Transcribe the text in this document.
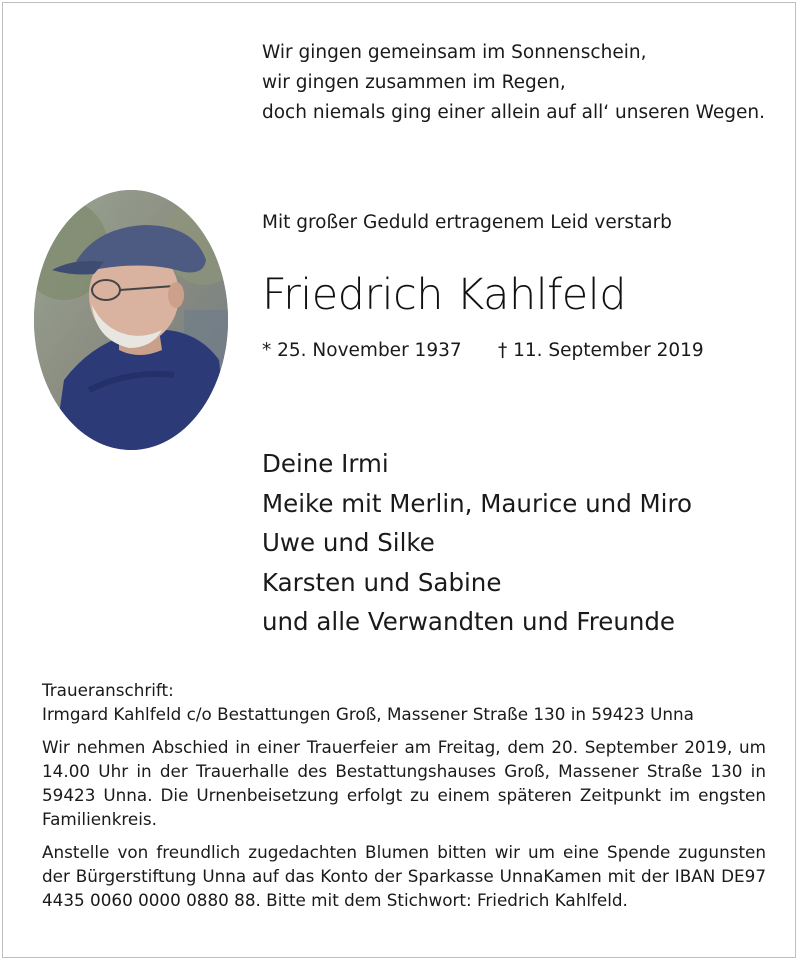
Wir gingen gemeinsam im Sonnenschein,
wir gingen zusammen im Regen,
doch niemals ging einer allein auf all‘ unseren Wegen.
Mit großer Geduld ertragenem Leid verstarb
Friedrich Kahlfeld
* 25. November 1937 † 11. September 2019
Deine Irmi
Meike mit Merlin, Maurice und Miro
Uwe und Silke
Karsten und Sabine
und alle Verwandten und Freunde

Traueranschrift:

Irmgard Kahlfeld c/o Bestattungen Groß, Massener Straße 130 in 59423 Unna

Wir nehmen Abschied in einer Trauerfeier am Freitag, dem 20. September 2019, um 14.00 Uhr in der Trauerhalle des Bestattungshauses Groß, Massener Straße 130 in 59423 Unna. Die Urnenbeisetzung erfolgt zu einem späteren Zeitpunkt im engsten Familienkreis.

Anstelle von freundlich zugedachten Blumen bitten wir um eine Spende zugunsten der Bürgerstiftung Unna auf das Konto der Sparkasse UnnaKamen mit der IBAN DE97 4435 0060 0000 0880 88. Bitte mit dem Stichwort: Friedrich Kahlfeld.
